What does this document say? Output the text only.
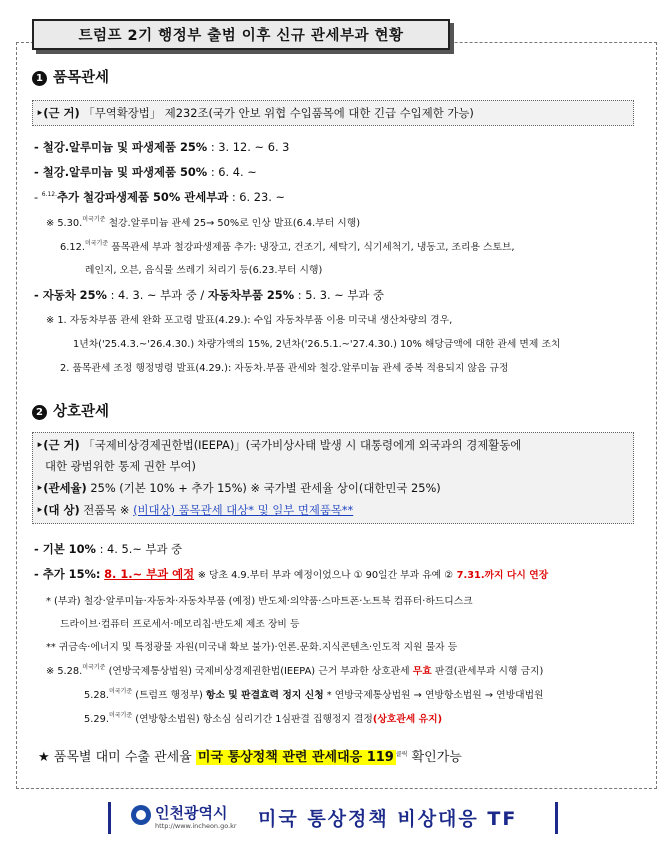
트럼프 2기 행정부 출범 이후 신규 관세부과 현황
1 품목관세
‣(근 거) 「무역확장법」 제232조(국가 안보 위협 수입품목에 대한 긴급 수입제한 가능)
- 철강.알루미늄 및 파생제품 25% : 3. 12. ~ 6. 3
- 철강.알루미늄 및 파생제품 50% : 6. 4. ~
- $^{6.12.}$추가 철강파생제품 50% 관세부과 : 6. 23. ~
※ 5.30.$^{미국기준}$ 철강.알루미늄 관세 25→ 50%로 인상 발표(6.4.부터 시행)
6.12.$^{미국기준}$ 품목관세 부과 철강파생제품 추가: 냉장고, 건조기, 세탁기, 식기세척기, 냉동고, 조리용 스토브,
레인지, 오븐, 음식물 쓰레기 처리기 등(6.23.부터 시행)
- 자동차 25% : 4. 3. ~ 부과 중 / 자동차부품 25% : 5. 3. ~ 부과 중
※ 1. 자동차부품 관세 완화 포고령 발표(4.29.): 수입 자동차부품 이용 미국내 생산차량의 경우,
1년차('25.4.3.~'26.4.30.) 차량가액의 15%, 2년차('26.5.1.~'27.4.30.) 10% 해당금액에 대한 관세 면제 조치
2. 품목관세 조정 행정명령 발표(4.29.): 자동차.부품 관세와 철강.알루미늄 관세 중복 적용되지 않음 규정
2 상호관세
‣(근 거) 「국제비상경제권한법(IEEPA)」(국가비상사태 발생 시 대통령에게 외국과의 경제활동에
대한 광범위한 통제 권한 부여)
‣(관세율) 25% (기본 10% + 추가 15%) ※ 국가별 관세율 상이(대한민국 25%)
‣(대 상) 전품목 ※ (비대상) 품목관세 대상* 및 일부 면제품목**
- 기본 10% : 4. 5.~ 부과 중
- 추가 15%: 8. 1.~ 부과 예정 ※ 당초 4.9.부터 부과 예정이었으나 ① 90일간 부과 유예 ② 7.31.까지 다시 연장
* (부과) 철강·알루미늄·자동차·자동차부품 (예정) 반도체·의약품·스마트폰·노트북 컴퓨터·하드디스크
드라이브·컴퓨터 프로세서·메모리칩·반도체 제조 장비 등
** 귀금속·에너지 및 특정광물 자원(미국내 확보 불가)·언론.문화.지식콘텐츠·인도적 지원 물자 등
※ 5.28.$^{미국기준}$ (연방국제통상법원) 국제비상경제권한법(IEEPA) 근거 부과한 상호관세 무효 판결(관세부과 시행 금지)
5.28.$^{미국기준}$ (트럼프 행정부) 항소 및 판결효력 정지 신청 * 연방국제통상법원 → 연방항소법원 → 연방대법원
5.29.$^{미국기준}$ (연방항소법원) 항소심 심리기간 1심판결 집행정지 결정(상호관세 유지)
★ 품목별 대미 수출 관세율 미국 통상정책 관련 관세대응 119 $^{클릭}$ 확인가능
인천광역시
http://www.incheon.go.kr 미국 통상정책 비상대응 TF
